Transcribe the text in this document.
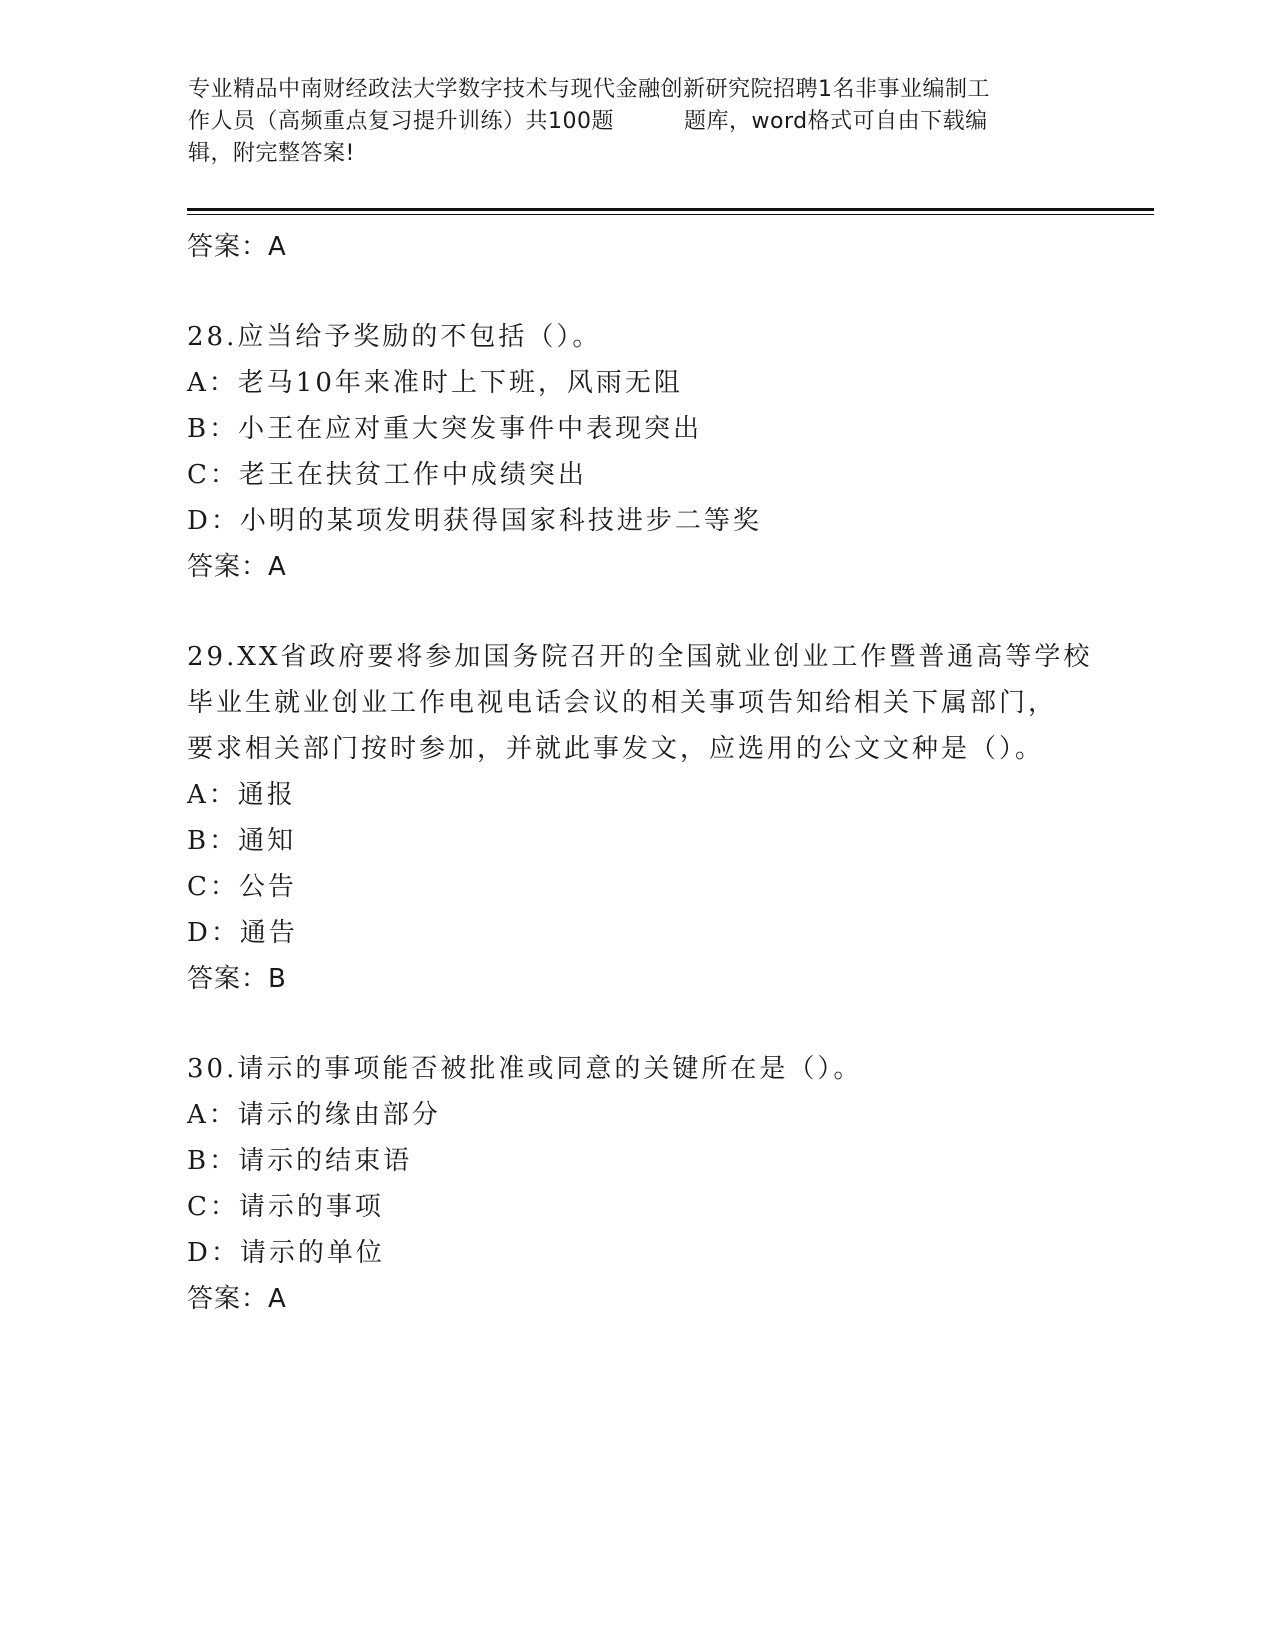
专业精品中南财经政法大学数字技术与现代金融创新研究院招聘1名非事业编制工
作人员（高频重点复习提升训练）共100题	题库，word格式可自由下载编
辑，附完整答案!
答案：A
28.应当给予奖励的不包括（）。
A：老马10年来准时上下班，风雨无阻
B：小王在应对重大突发事件中表现突出
C：老王在扶贫工作中成绩突出
D：小明的某项发明获得国家科技进步二等奖
答案：A
29.XX省政府要将参加国务院召开的全国就业创业工作暨普通高等学校
毕业生就业创业工作电视电话会议的相关事项告知给相关下属部门，
要求相关部门按时参加，并就此事发文，应选用的公文文种是（）。
A：通报
B：通知
C：公告
D：通告
答案：B
30.请示的事项能否被批准或同意的关键所在是（）。
A：请示的缘由部分
B：请示的结束语
C：请示的事项
D：请示的单位
答案：A
